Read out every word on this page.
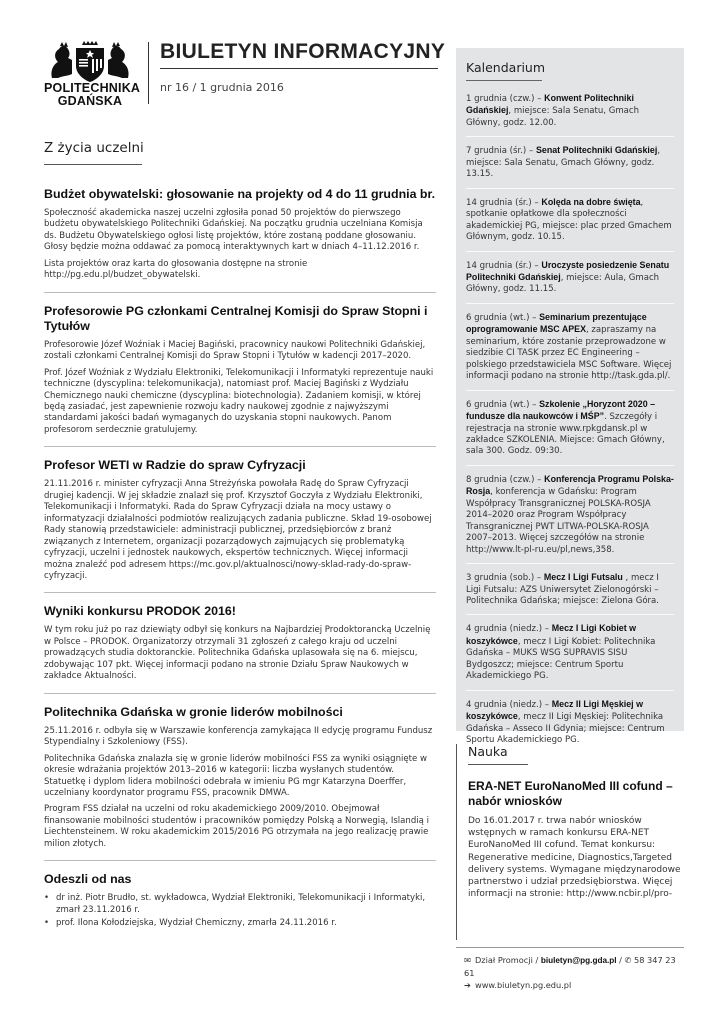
POLITECHNIKA
GDAŃSKA
BIULETYN INFORMACYJNY
nr 16 / 1 grudnia 2016
Z życia uczelni
Budżet obywatelski: głosowanie na projekty od 4 do 11 grudnia br.

Społeczność akademicka naszej uczelni zgłosiła ponad 50 projektów do pierwszego budżetu obywatelskiego Politechniki Gdańskiej. Na początku grudnia uczelniana Komisja ds. Budżetu Obywatelskiego ogłosi listę projektów, które zostaną poddane głosowaniu. Głosy będzie można oddawać za pomocą interaktywnych kart w dniach 4–11.12.2016 r.

Lista projektów oraz karta do głosowania dostępne na stronie http://pg.edu.pl/budzet_obywatelski.

Profesorowie PG członkami Centralnej Komisji do Spraw Stopni i Tytułów

Profesorowie Józef Woźniak i Maciej Bagiński, pracownicy naukowi Politechniki Gdańskiej, zostali członkami Centralnej Komisji do Spraw Stopni i Tytułów w kadencji 2017–2020.

Prof. Józef Woźniak z Wydziału Elektroniki, Telekomunikacji i Informatyki reprezentuje nauki techniczne (dyscyplina: telekomunikacja), natomiast prof. Maciej Bagiński z Wydziału Chemicznego nauki chemiczne (dyscyplina: biotechnologia). Zadaniem komisji, w której będą zasiadać, jest zapewnienie rozwoju kadry naukowej zgodnie z najwyższymi standardami jakości badań wymaganych do uzyskania stopni naukowych. Panom profesorom serdecznie gratulujemy.

Profesor WETI w Radzie do spraw Cyfryzacji

21.11.2016 r. minister cyfryzacji Anna Streżyńska powołała Radę do Spraw Cyfryzacji drugiej kadencji. W jej składzie znalazł się prof. Krzysztof Goczyła z Wydziału Elektroniki, Telekomunikacji i Informatyki. Rada do Spraw Cyfryzacji działa na mocy ustawy o informatyzacji działalności podmiotów realizujących zadania publiczne. Skład 19-osobowej Rady stanowią przedstawiciele: administracji publicznej, przedsiębiorców z branż związanych z Internetem, organizacji pozarządowych zajmujących się problematyką cyfryzacji, uczelni i jednostek naukowych, ekspertów technicznych. Więcej informacji można znaleźć pod adresem https://mc.gov.pl/aktualnosci/nowy-sklad-rady-do-spraw-cyfryzacji.

Wyniki konkursu PRODOK 2016!

W tym roku już po raz dziewiąty odbył się konkurs na Najbardziej Prodoktorancką Uczelnię w Polsce – PRODOK. Organizatorzy otrzymali 31 zgłoszeń z całego kraju od uczelni prowadzących studia doktoranckie. Politechnika Gdańska uplasowała się na 6. miejscu, zdobywając 107 pkt. Więcej informacji podano na stronie Działu Spraw Naukowych w zakładce Aktualności.

Politechnika Gdańska w gronie liderów mobilności

25.11.2016 r. odbyła się w Warszawie konferencja zamykająca II edycję programu Fundusz Stypendialny i Szkoleniowy (FSS).

Politechnika Gdańska znalazła się w gronie liderów mobilności FSS za wyniki osiągnięte w okresie wdrażania projektów 2013–2016 w kategorii: liczba wysłanych studentów. Statuetkę i dyplom lidera mobilności odebrała w imieniu PG mgr Katarzyna Doerffer, uczelniany koordynator programu FSS, pracownik DMWA.

Program FSS działał na uczelni od roku akademickiego 2009/2010. Obejmował finansowanie mobilności studentów i pracowników pomiędzy Polską a Norwegią, Islandią i Liechtensteinem. W roku akademickim 2015/2016 PG otrzymała na jego realizację prawie milion złotych.

Odeszli od nas
• dr inż. Piotr Brudło, st. wykładowca, Wydział Elektroniki, Telekomunikacji i Informatyki, zmarł 23.11.2016 r.
• prof. Ilona Kołodziejska, Wydział Chemiczny, zmarła 24.11.2016 r.
Kalendarium
1 grudnia (czw.) – Konwent Politechniki Gdańskiej, miejsce: Sala Senatu, Gmach Główny, godz. 12.00.
7 grudnia (śr.) – Senat Politechniki Gdańskiej, miejsce: Sala Senatu, Gmach Główny, godz. 13.15.
14 grudnia (śr.) – Kolęda na dobre święta, spotkanie opłatkowe dla społeczności akademickiej PG, miejsce: plac przed Gmachem Głównym, godz. 10.15.
14 grudnia (śr.) – Uroczyste posiedzenie Senatu Politechniki Gdańskiej, miejsce: Aula, Gmach Główny, godz. 11.15.
6 grudnia (wt.) – Seminarium prezentujące oprogramowanie MSC APEX, zapraszamy na seminarium, które zostanie przeprowadzone w siedzibie CI TASK przez EC Engineering – polskiego przedstawiciela MSC Software. Więcej informacji podano na stronie http://task.gda.pl/.
6 grudnia (wt.) – Szkolenie „Horyzont 2020 – fundusze dla naukowców i MŚP”. Szczegóły i rejestracja na stronie www.rpkgdansk.pl w zakładce SZKOLENIA. Miejsce: Gmach Główny, sala 300. Godz. 09:30.
8 grudnia (czw.) – Konferencja Programu Polska-Rosja, konferencja w Gdańsku: Program Współpracy Transgranicznej POLSKA-ROSJA 2014–2020 oraz Program Współpracy Transgranicznej PWT LITWA-POLSKA-ROSJA 2007–2013. Więcej szczegółów na stronie http://www.lt-pl-ru.eu/pl,news,358.
3 grudnia (sob.) – Mecz I Ligi Futsalu , mecz I Ligi Futsalu: AZS Uniwersytet Zielonogórski – Politechnika Gdańska; miejsce: Zielona Góra.
4 grudnia (niedz.) – Mecz I Ligi Kobiet w koszykówce, mecz I Ligi Kobiet: Politechnika Gdańska – MUKS WSG SUPRAVIS SISU Bydgoszcz; miejsce: Centrum Sportu Akademickiego PG.
4 grudnia (niedz.) – Mecz II Ligi Męskiej w koszykówce, mecz II Ligi Męskiej: Politechnika Gdańska – Asseco II Gdynia; miejsce: Centrum Sportu Akademickiego PG.
Nauka
ERA-NET EuroNanoMed III cofund – nabór wniosków

Do 16.01.2017 r. trwa nabór wniosków wstępnych w ramach konkursu ERA-NET EuroNanoMed III cofund. Temat konkursu: Regenerative medicine, Diagnostics,Targeted delivery systems. Wymagane międzynarodowe partnerstwo i udział przedsiębiorstwa. Więcej informacji na stronie: http://www.ncbir.pl/pro-

✉ Dział Promocji / biuletyn@pg.gda.pl / ✆ 58 347 23 61
➔ www.biuletyn.pg.edu.pl
